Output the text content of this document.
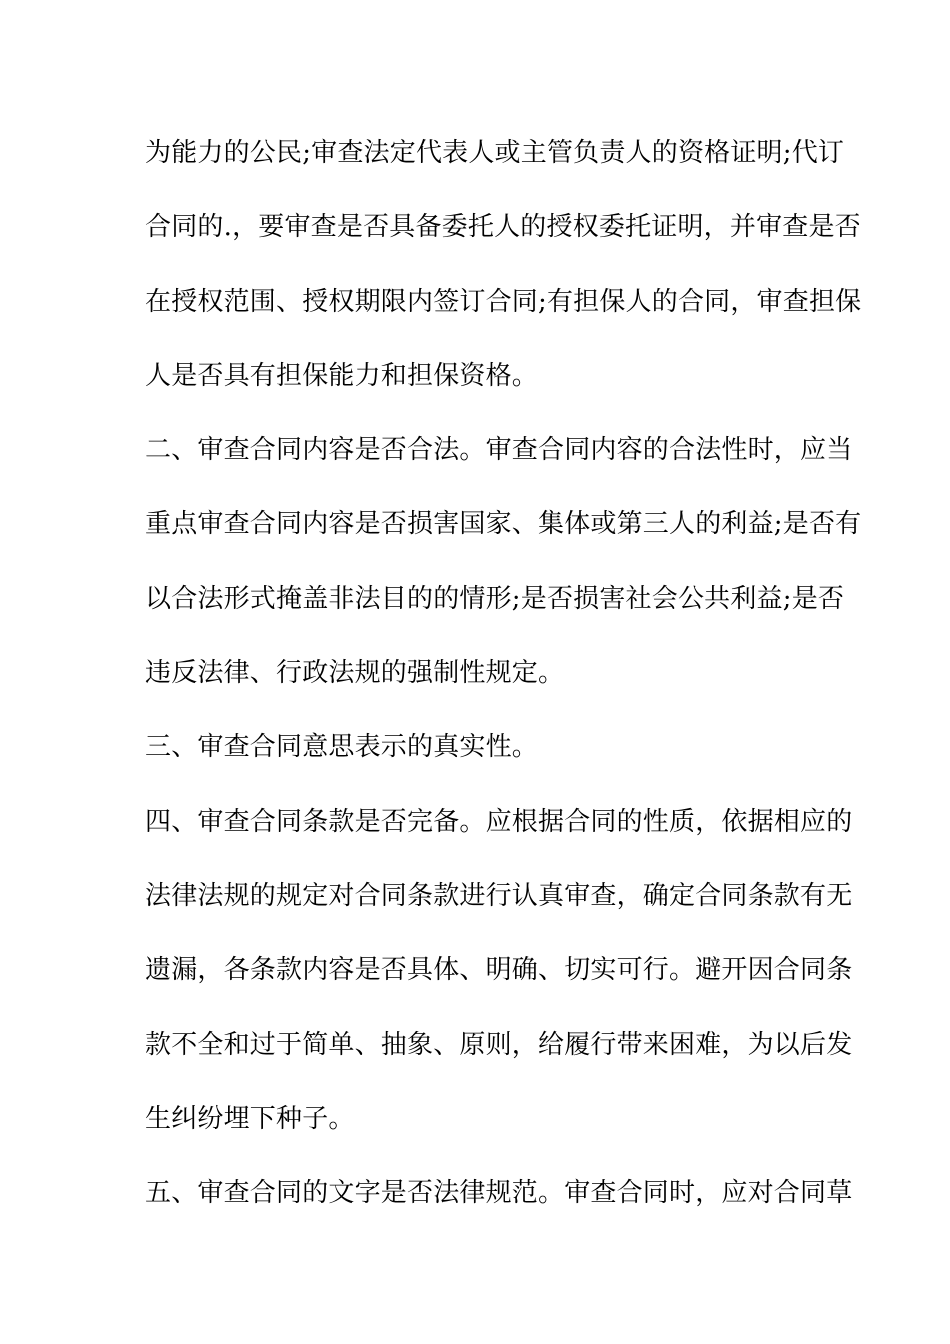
为能力的公民;审查法定代表人或主管负责人的资格证明;代订
合同的.，要审查是否具备委托人的授权委托证明，并审查是否
在授权范围、授权期限内签订合同;有担保人的合同，审查担保
人是否具有担保能力和担保资格。
二、审查合同内容是否合法。审查合同内容的合法性时，应当
重点审查合同内容是否损害国家、集体或第三人的利益;是否有
以合法形式掩盖非法目的的情形;是否损害社会公共利益;是否
违反法律、行政法规的强制性规定。
三、审查合同意思表示的真实性。
四、审查合同条款是否完备。应根据合同的性质，依据相应的
法律法规的规定对合同条款进行认真审查，确定合同条款有无
遗漏，各条款内容是否具体、明确、切实可行。避开因合同条
款不全和过于简单、抽象、原则，给履行带来困难，为以后发
生纠纷埋下种子。
五、审查合同的文字是否法律规范。审查合同时，应对合同草
